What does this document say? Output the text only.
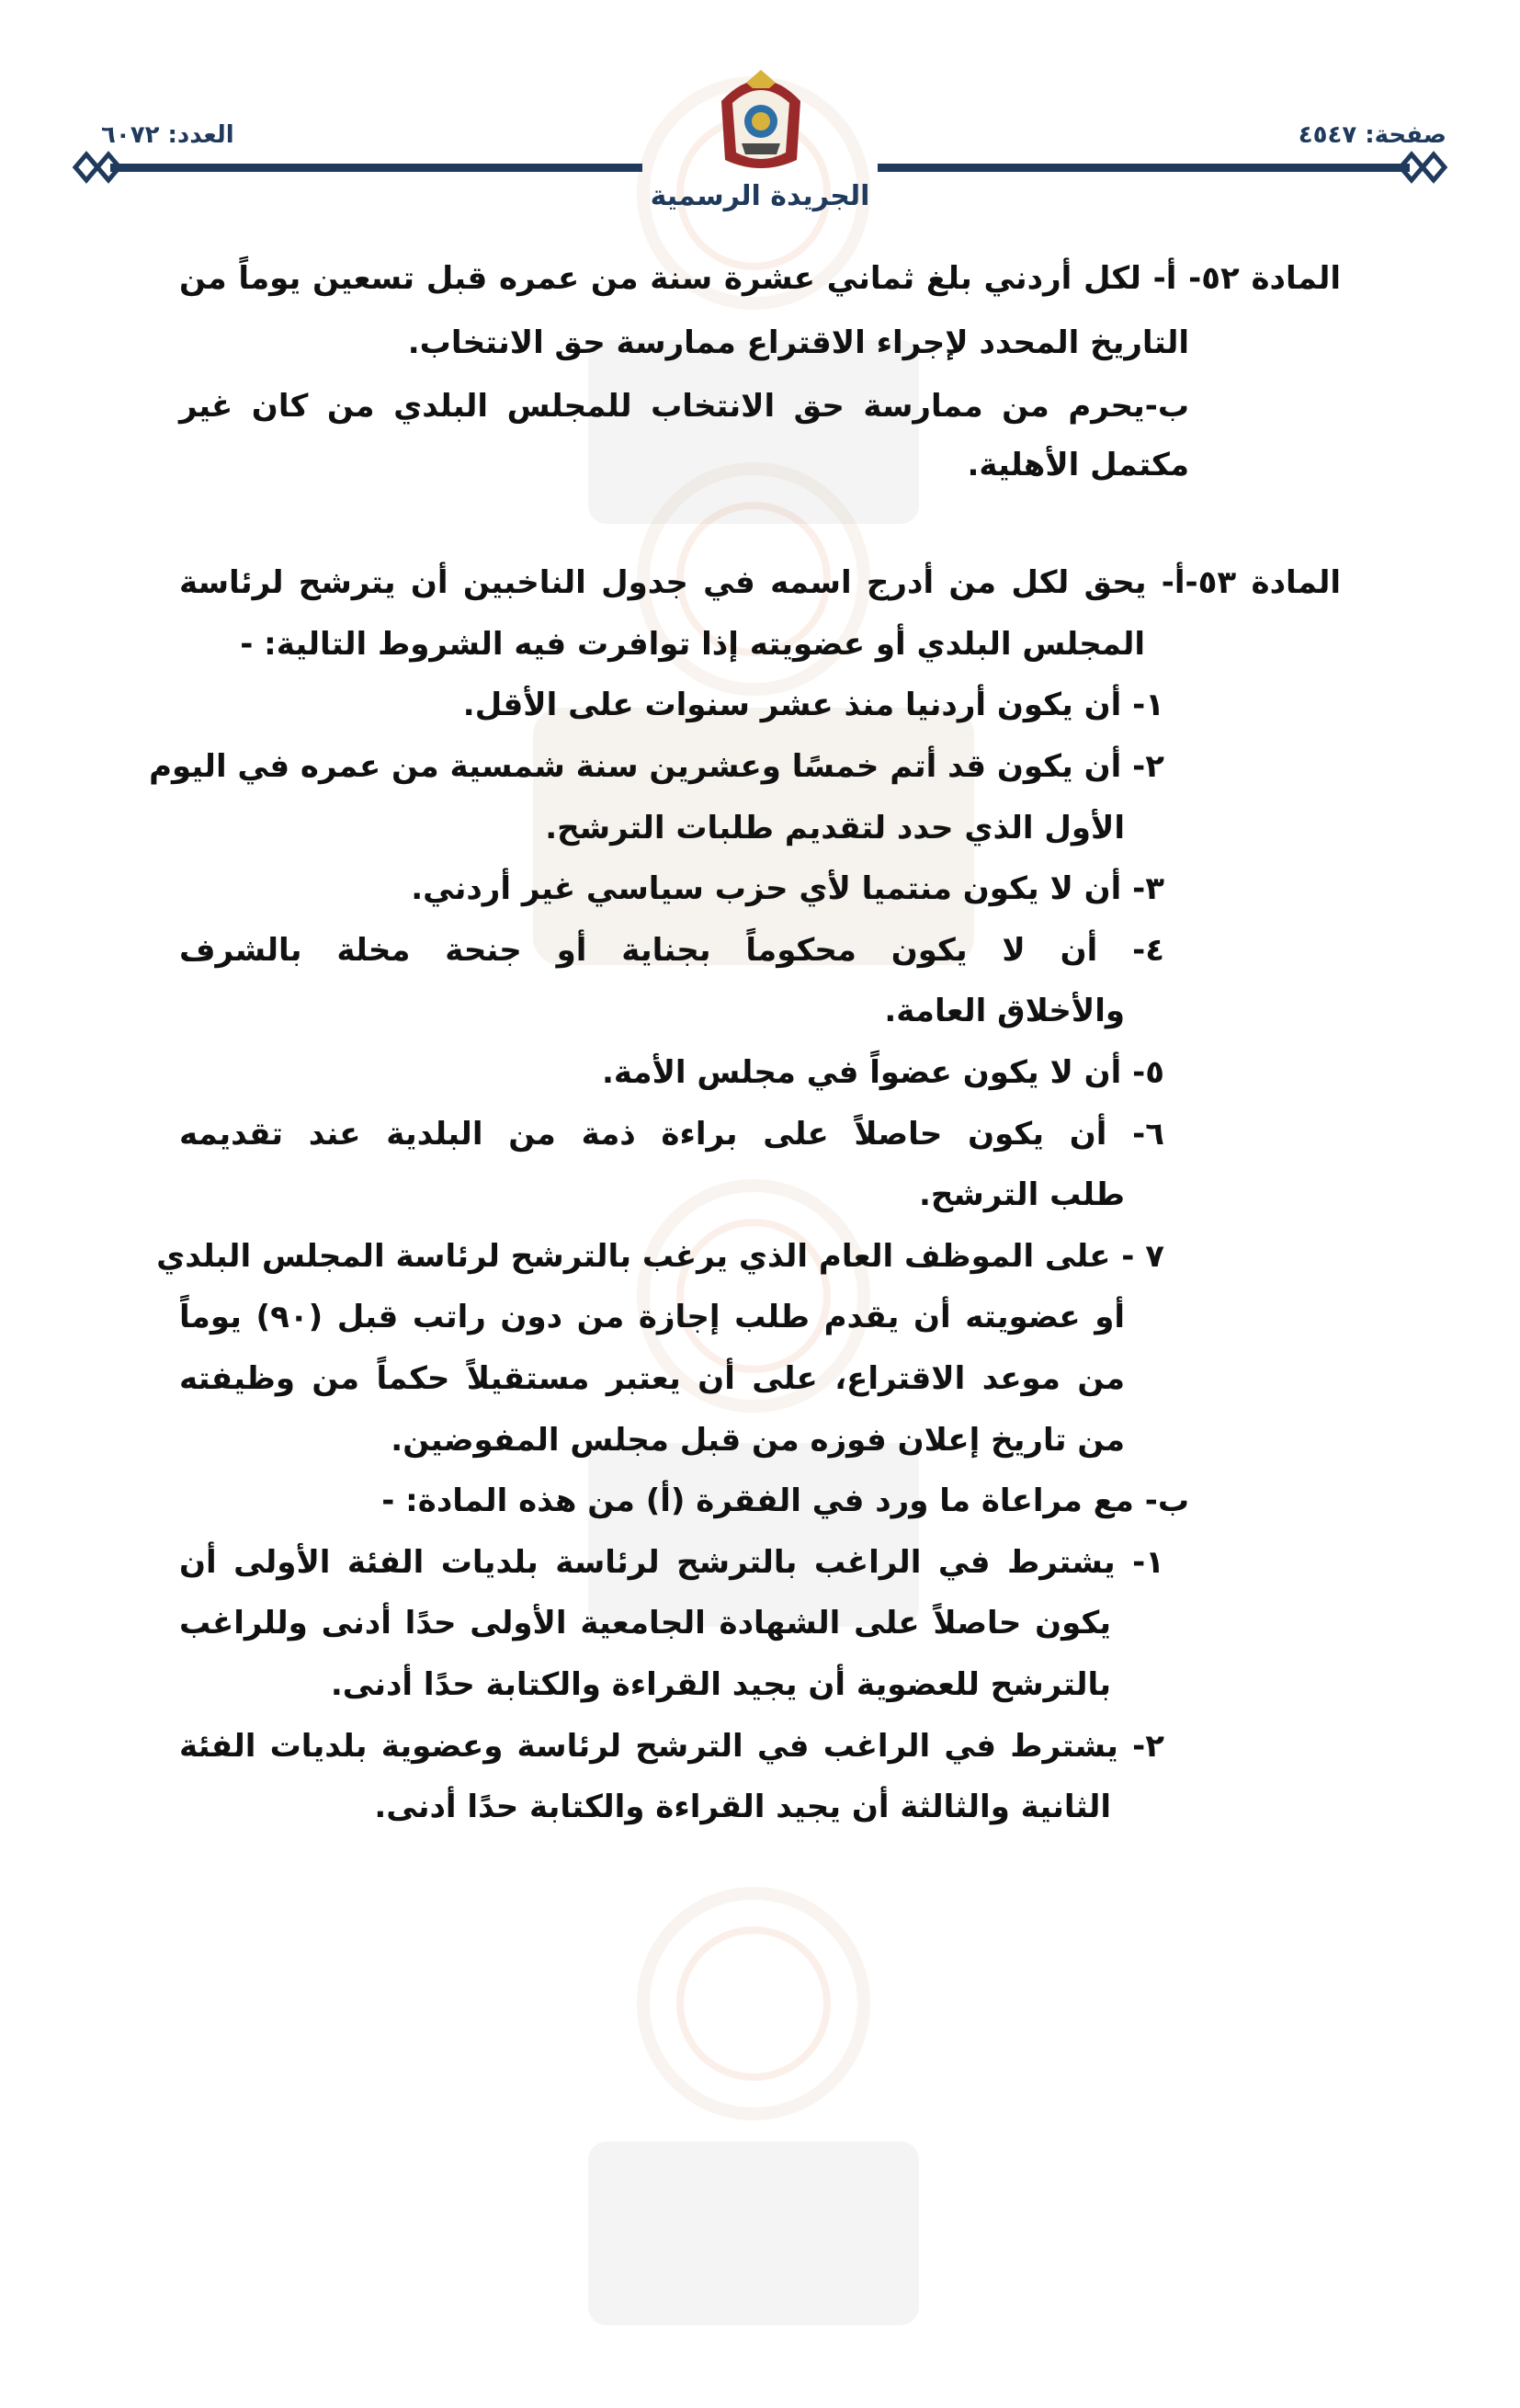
صفحة: ٤٥٤٧
العدد: ٦٠٧٢
الجريدة الرسمية
المادة ٥٢- أ- لكل أردني بلغ ثماني عشرة سنة من عمره قبل تسعين يوماً من
التاريخ المحدد لإجراء الاقتراع ممارسة حق الانتخاب.
ب-يحرم من ممارسة حق الانتخاب للمجلس البلدي من كان غير
مكتمل الأهلية.
المادة ٥٣-أ- يحق لكل من أدرج اسمه في جدول الناخبين أن يترشح لرئاسة
المجلس البلدي أو عضويته إذا توافرت فيه الشروط التالية: -
١- أن يكون أردنيا منذ عشر سنوات على الأقل.
٢- أن يكون قد أتم خمسًا وعشرين سنة شمسية من عمره في اليوم
الأول الذي حدد لتقديم طلبات الترشح.
٣- أن لا يكون منتميا لأي حزب سياسي غير أردني.
٤- أن لا يكون محكوماً بجناية أو جنحة مخلة بالشرف
والأخلاق العامة.
٥- أن لا يكون عضواً في مجلس الأمة.
٦- أن يكون حاصلاً على براءة ذمة من البلدية عند تقديمه
طلب الترشح.
٧ - على الموظف العام الذي يرغب بالترشح لرئاسة المجلس البلدي
أو عضويته أن يقدم طلب إجازة من دون راتب قبل (٩٠) يوماً
من موعد الاقتراع، على أن يعتبر مستقيلاً حكماً من وظيفته
من تاريخ إعلان فوزه من قبل مجلس المفوضين.
ب- مع مراعاة ما ورد في الفقرة (أ) من هذه المادة: -
١- يشترط في الراغب بالترشح لرئاسة بلديات الفئة الأولى أن
يكون حاصلاً على الشهادة الجامعية الأولى حدًا أدنى وللراغب
بالترشح للعضوية أن يجيد القراءة والكتابة حدًا أدنى.
٢- يشترط في الراغب في الترشح لرئاسة وعضوية بلديات الفئة
الثانية والثالثة أن يجيد القراءة والكتابة حدًا أدنى.
